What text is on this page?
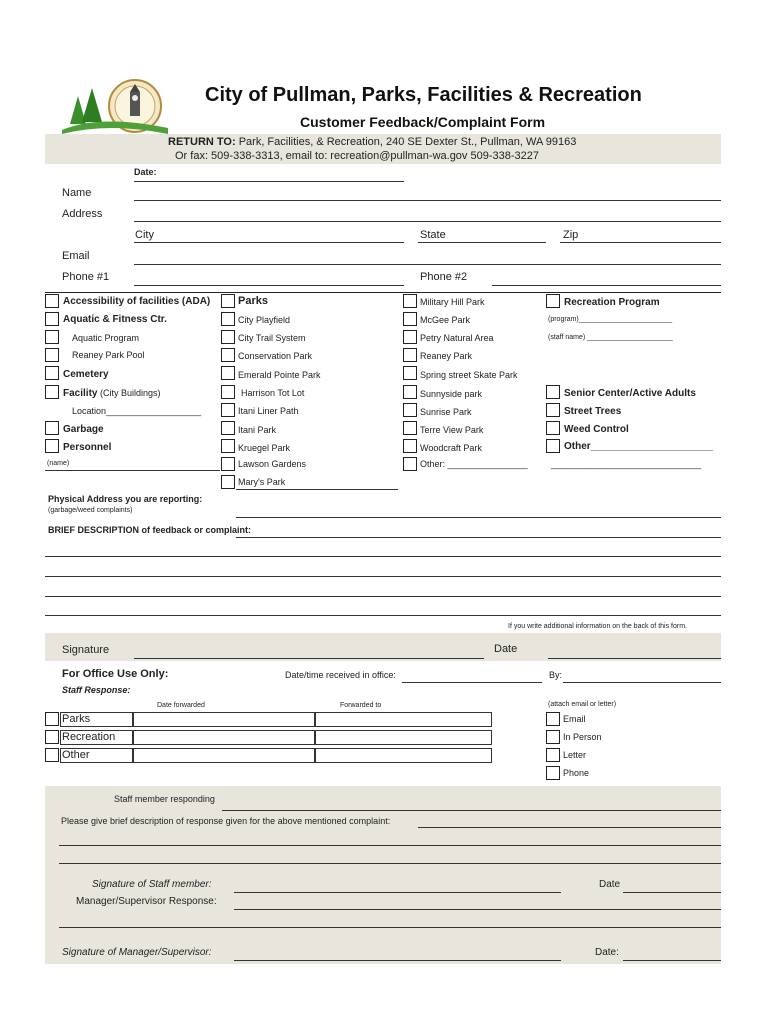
City of Pullman, Parks, Facilities & Recreation
Customer Feedback/Complaint Form
RETURN TO: Park, Facilities, & Recreation, 240 SE Dexter St., Pullman, WA 99163
Or fax: 509-338-3313, email to: recreation@pullman-wa.gov 509-338-3227
Date:
Name
Address
City	State	Zip
Email
Phone #1	Phone #2
Accessibility of facilities (ADA)
Aquatic & Fitness Ctr.
Aquatic Program
Reaney Park Pool
Cemetery
Facility (City Buildings)
Location___________________
Garbage
Personnel
(name)
Parks
City Playfield
City Trail System
Conservation Park
Emerald Pointe Park
Harrison Tot Lot
Itani Liner Path
Itani Park
Kruegel Park
Lawson Gardens
Mary's Park
Military Hill Park
McGee Park
Petry Natural Area
Reaney Park
Spring street Skate Park
Sunnyside park
Sunrise Park
Terre View Park
Woodcraft Park
Other: ________________
Recreation Program
(program)________________________
(staff name) ______________________
Senior Center/Active Adults
Street Trees
Weed Control
Other______________________
______________________________
Physical Address you are reporting:
(garbage/weed complaints)
BRIEF DESCRIPTION of feedback or complaint:
If you write additional information on the back of this form.
Signature	Date
For Office Use Only:	Date/time received in office:	By:
Staff Response:
Date forwarded	Forwarded to	(attach email or letter)
Parks
Recreation
Other
Email
In Person
Letter
Phone
Staff member responding
Please give brief description of response given for the above mentioned complaint:
Signature of Staff member:	Date
Manager/Supervisor Response:
Signature of Manager/Supervisor:	Date:
